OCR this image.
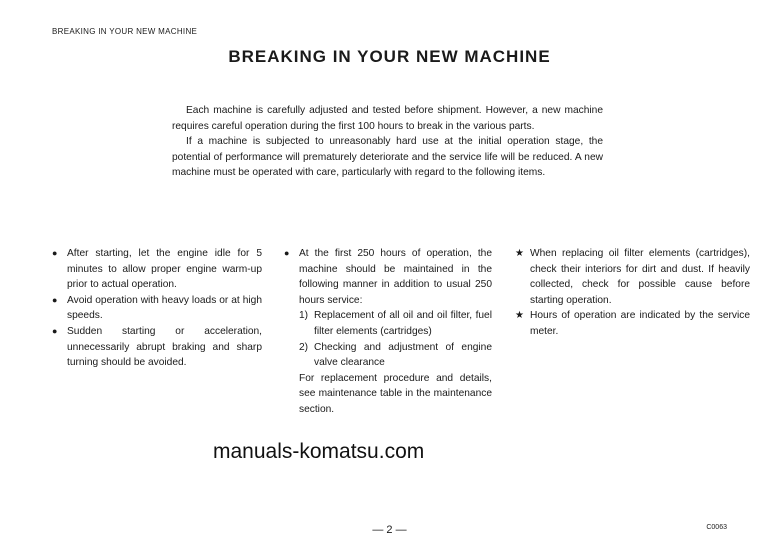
BREAKING IN YOUR NEW MACHINE
BREAKING IN YOUR NEW MACHINE

Each machine is carefully adjusted and tested before shipment. However, a new machine requires careful operation during the first 100 hours to break in the various parts.

If a machine is subjected to unreasonably hard use at the initial operation stage, the potential of performance will prematurely deteriorate and the service life will be reduced. A new machine must be operated with care, particularly with regard to the following items.

● After starting, let the engine idle for 5 minutes to allow proper engine warm-up prior to actual operation.
● Avoid operation with heavy loads or at high speeds.
● Sudden starting or acceleration, unnecessarily abrupt braking and sharp turning should be avoided.
● At the first 250 hours of operation, the machine should be maintained in the following manner in addition to usual 250 hours service:
1) Replacement of all oil and oil filter, fuel filter elements (cartridges)
2) Checking and adjustment of engine valve clearance
For replacement procedure and details, see maintenance table in the maintenance section.
★ When replacing oil filter elements (cartridges), check their interiors for dirt and dust. If heavily collected, check for possible cause before starting operation.
★ Hours of operation are indicated by the service meter.
manuals-komatsu.com
— 2 —	C0063
